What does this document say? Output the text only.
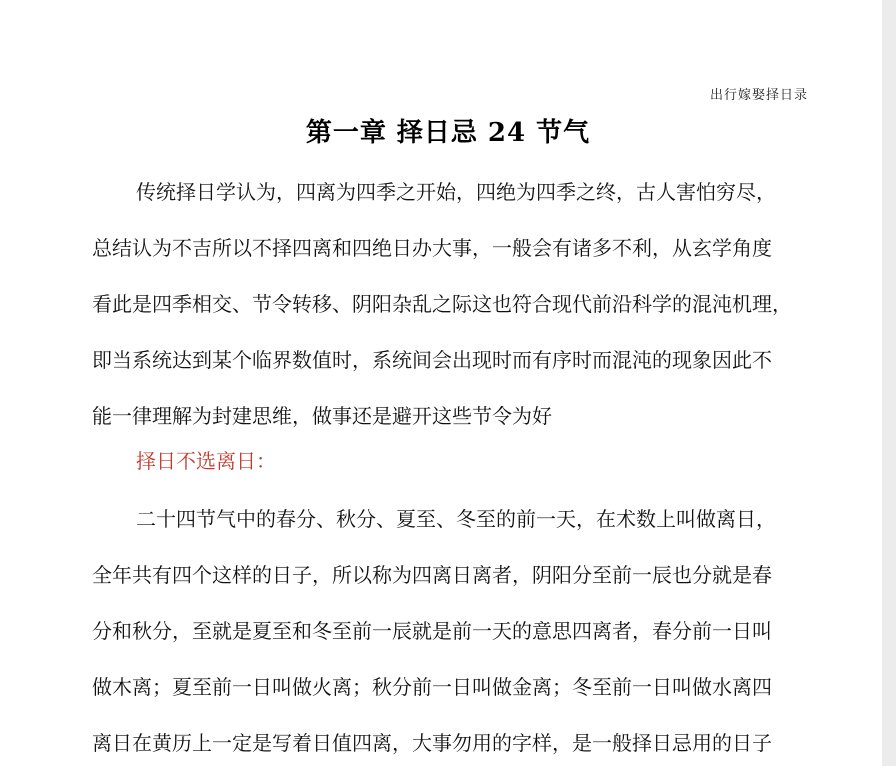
出行嫁娶择日录
第一章 择日忌 24 节气
传统择日学认为，四离为四季之开始，四绝为四季之终，古人害怕穷尽，
总结认为不吉所以不择四离和四绝日办大事，一般会有诸多不利，从玄学角度
看此是四季相交、节令转移、阴阳杂乱之际这也符合现代前沿科学的混沌机理，
即当系统达到某个临界数值时，系统间会出现时而有序时而混沌的现象因此不
能一律理解为封建思维，做事还是避开这些节令为好
择日不选离日：
二十四节气中的春分、秋分、夏至、冬至的前一天，在术数上叫做离日，
全年共有四个这样的日子，所以称为四离日离者，阴阳分至前一辰也分就是春
分和秋分，至就是夏至和冬至前一辰就是前一天的意思四离者，春分前一日叫
做木离；夏至前一日叫做火离；秋分前一日叫做金离；冬至前一日叫做水离四
离日在黄历上一定是写着日值四离，大事勿用的字样，是一般择日忌用的日子
